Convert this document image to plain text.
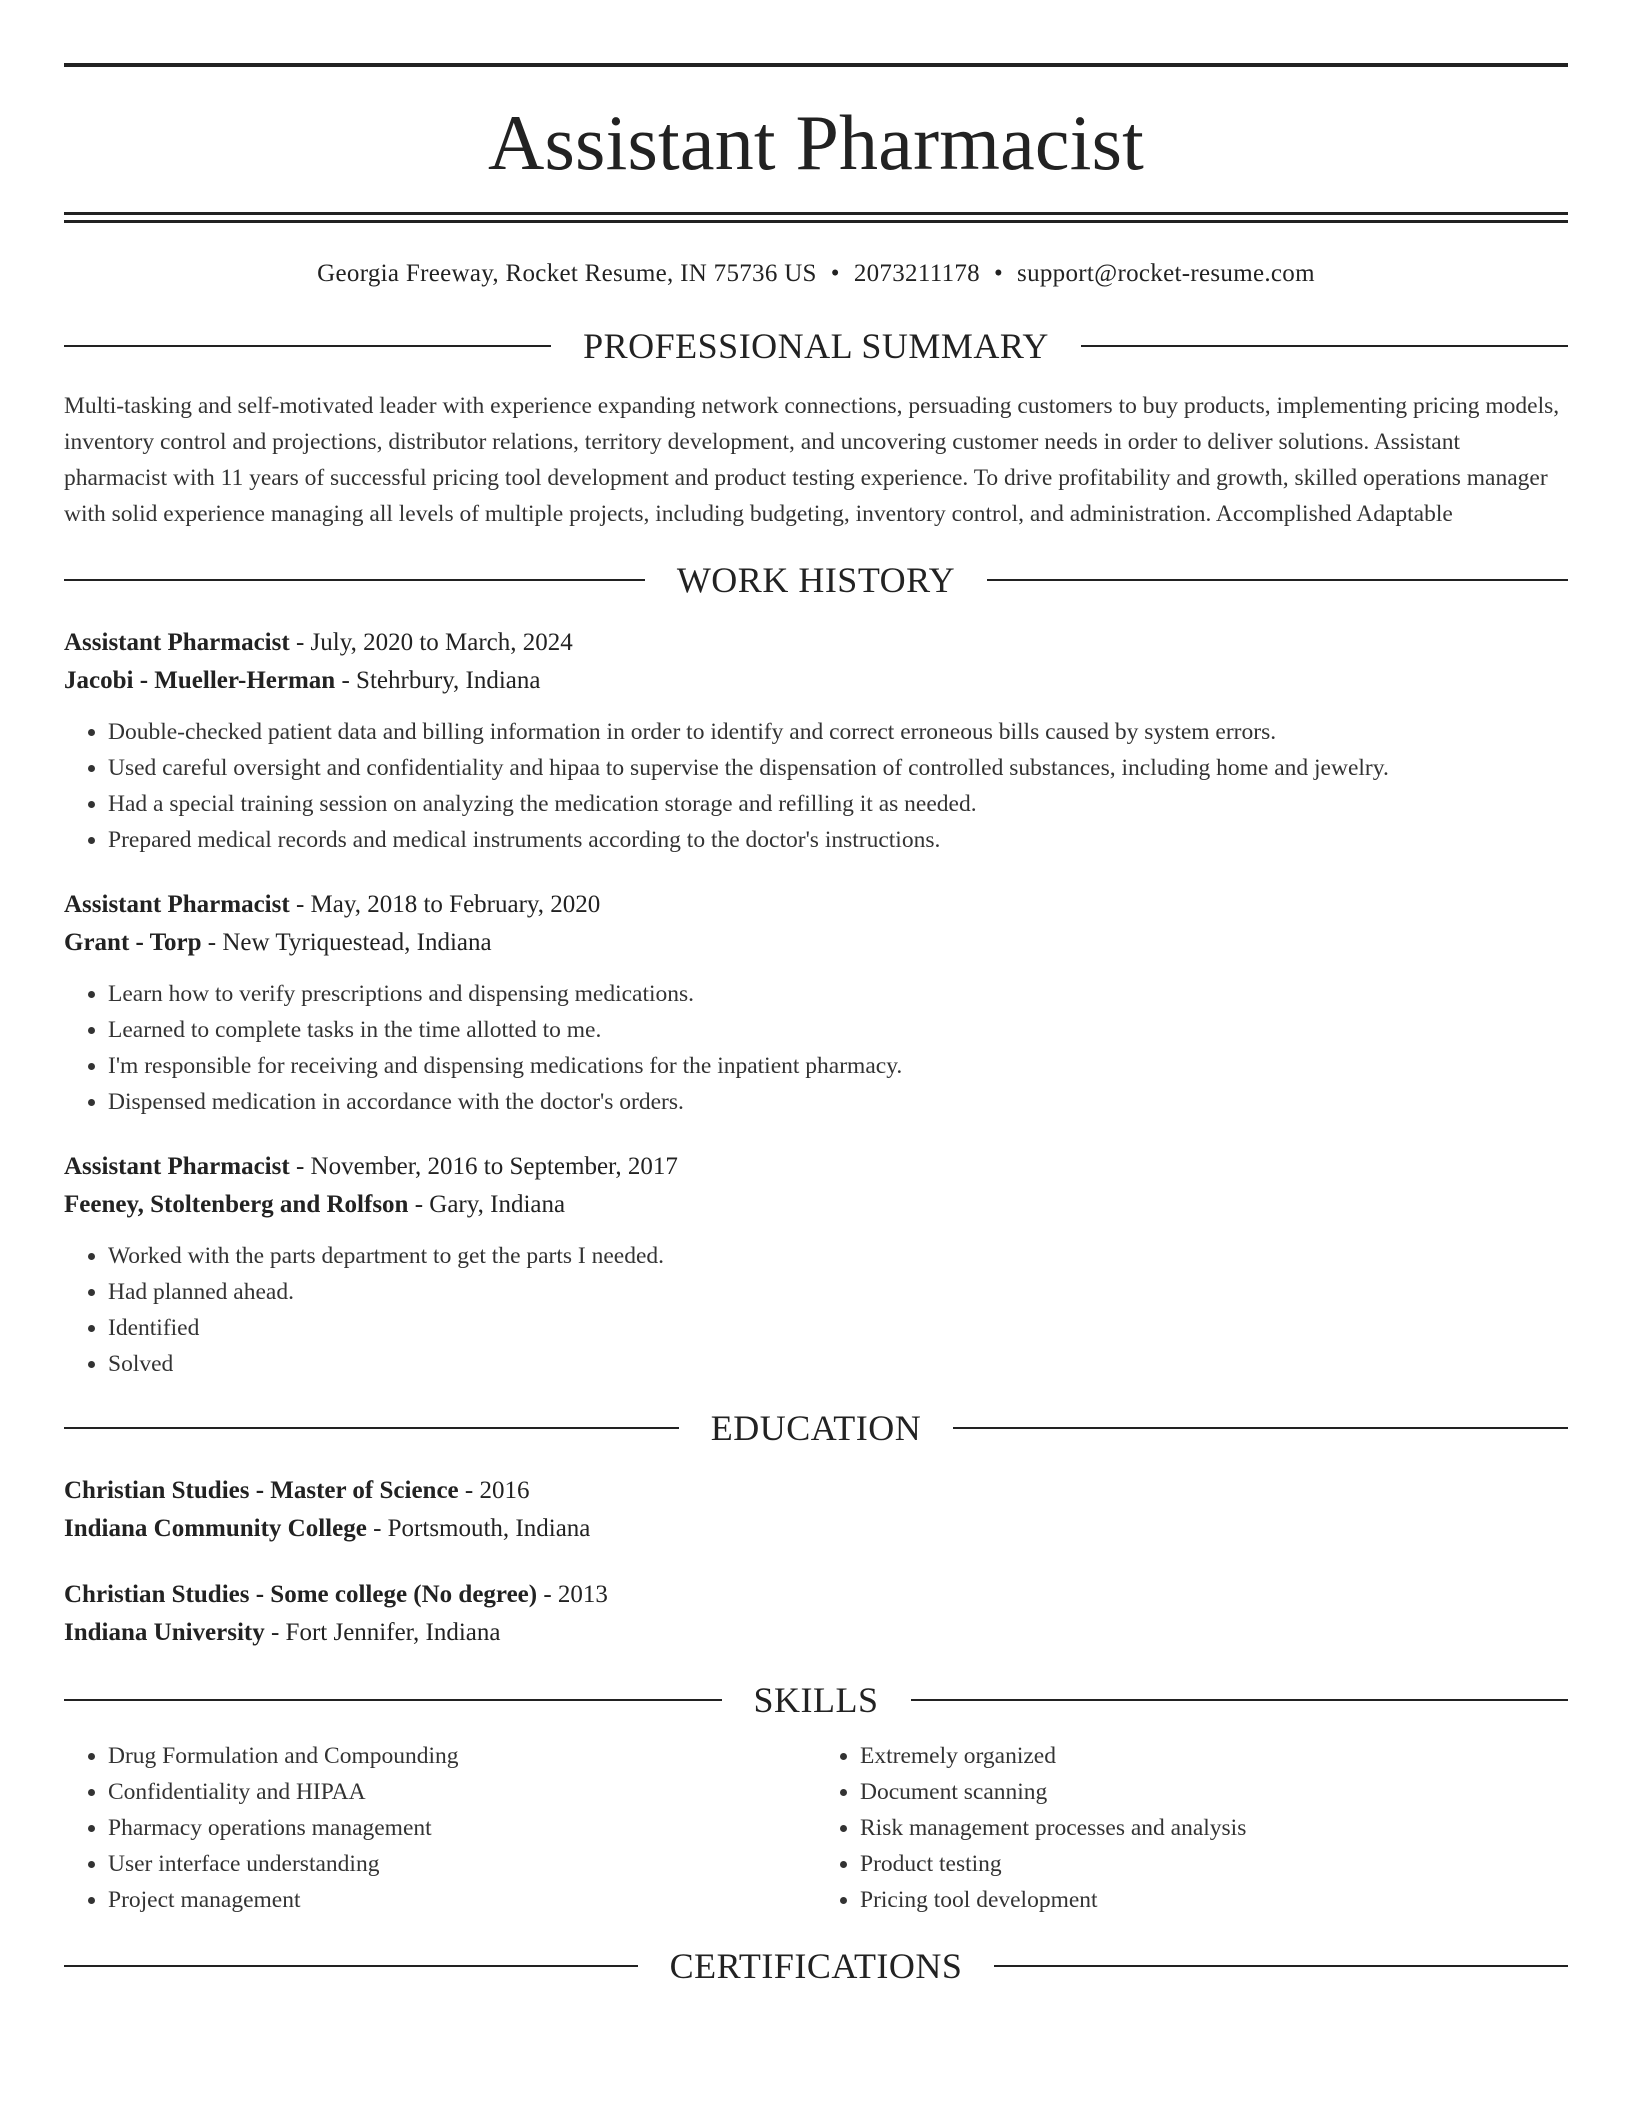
Assistant Pharmacist
Georgia Freeway, Rocket Resume, IN 75736 US • 2073211178 • support@rocket-resume.com
PROFESSIONAL SUMMARY
Multi-tasking and self-motivated leader with experience expanding network connections, persuading customers to buy products, implementing pricing models, inventory control and projections, distributor relations, territory development, and uncovering customer needs in order to deliver solutions. Assistant pharmacist with 11 years of successful pricing tool development and product testing experience. To drive profitability and growth, skilled operations manager with solid experience managing all levels of multiple projects, including budgeting, inventory control, and administration. Accomplished Adaptable
WORK HISTORY
Assistant Pharmacist - July, 2020 to March, 2024
Jacobi - Mueller-Herman - Stehrbury, Indiana
• Double-checked patient data and billing information in order to identify and correct erroneous bills caused by system errors.
• Used careful oversight and confidentiality and hipaa to supervise the dispensation of controlled substances, including home and jewelry.
• Had a special training session on analyzing the medication storage and refilling it as needed.
• Prepared medical records and medical instruments according to the doctor's instructions.
Assistant Pharmacist - May, 2018 to February, 2020
Grant - Torp - New Tyriquestead, Indiana
• Learn how to verify prescriptions and dispensing medications.
• Learned to complete tasks in the time allotted to me.
• I'm responsible for receiving and dispensing medications for the inpatient pharmacy.
• Dispensed medication in accordance with the doctor's orders.
Assistant Pharmacist - November, 2016 to September, 2017
Feeney, Stoltenberg and Rolfson - Gary, Indiana
• Worked with the parts department to get the parts I needed.
• Had planned ahead.
• Identified
• Solved
EDUCATION
Christian Studies - Master of Science - 2016
Indiana Community College - Portsmouth, Indiana
Christian Studies - Some college (No degree) - 2013
Indiana University - Fort Jennifer, Indiana
SKILLS
• Drug Formulation and Compounding
• Confidentiality and HIPAA
• Pharmacy operations management
• User interface understanding
• Project management
• Extremely organized
• Document scanning
• Risk management processes and analysis
• Product testing
• Pricing tool development
CERTIFICATIONS
